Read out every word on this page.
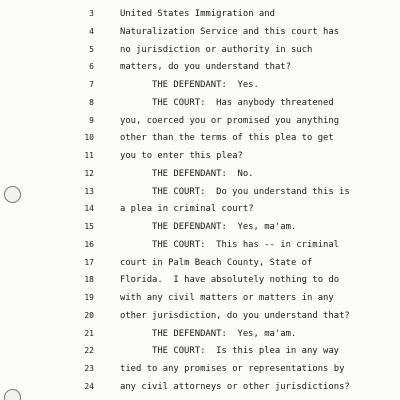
3	United States Immigration and
4	Naturalization Service and this court has
5	no jurisdiction or authority in such
6	matters, do you understand that?
7	THE DEFENDANT:  Yes.
8	THE COURT:  Has anybody threatened
9	you, coerced you or promised you anything
10	other than the terms of this plea to get
11	you to enter this plea?
12	THE DEFENDANT:  No.
13	THE COURT:  Do you understand this is
14	a plea in criminal court?
15	THE DEFENDANT:  Yes, ma'am.
16	THE COURT:  This has -- in criminal
17	court in Palm Beach County, State of
18	Florida.  I have absolutely nothing to do
19	with any civil matters or matters in any
20	other jurisdiction, do you understand that?
21	THE DEFENDANT:  Yes, ma'am.
22	THE COURT:  Is this plea in any way
23	tied to any promises or representations by
24	any civil attorneys or other jurisdictions?
